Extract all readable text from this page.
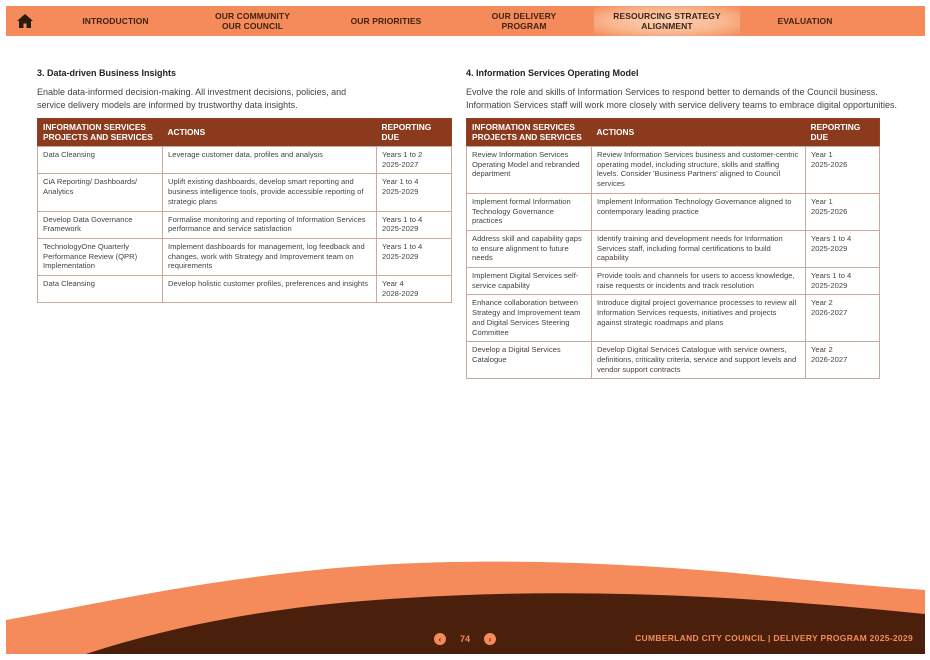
INTRODUCTION	OUR COMMUNITY
OUR COUNCIL	OUR PRIORITIES	OUR DELIVERY
PROGRAM
RESOURCING STRATEGY
ALIGNMENT	EVALUATION
3. Data-driven Business Insights
Enable data-informed decision-making. All investment decisions, policies, and service delivery models are informed by trustworthy data insights.
INFORMATION SERVICES PROJECTS AND SERVICES	ACTIONS	REPORTING DUE
Data Cleansing	Leverage customer data, profiles and analysis	Years 1 to 2
2025-2027
CiA Reporting/ Dashboards/ Analytics	Uplift existing dashboards, develop smart reporting and business intelligence tools, provide accessible reporting of strategic plans	Year 1 to 4
2025-2029
Develop Data Governance Framework	Formalise monitoring and reporting of Information Services performance and service satisfaction	Years 1 to 4
2025-2029
TechnologyOne Quarterly Performance Review (QPR) Implementation	Implement dashboards for management, log feedback and changes, work with Strategy and Improvement team on requirements	Years 1 to 4
2025-2029
Data Cleansing	Develop holistic customer profiles, preferences and insights	Year 4
2028-2029
4. Information Services Operating Model
Evolve the role and skills of Information Services to respond better to demands of the Council business. Information Services staff will work more closely with service delivery teams to embrace digital opportunities.
INFORMATION SERVICES PROJECTS AND SERVICES	ACTIONS	REPORTING DUE
Review Information Services Operating Model and rebranded department	Review Information Services business and customer-centric operating model, including structure, skills and staffing levels. Consider 'Business Partners' aligned to Council services	Year 1
2025-2026
Implement formal Information Technology Governance practices	Implement Information Technology Governance aligned to contemporary leading practice	Year 1
2025-2026
Address skill and capability gaps to ensure alignment to future needs	Identify training and development needs for Information Services staff, including formal certifications to build capability	Years 1 to 4
2025-2029
Implement Digital Services self-service capability	Provide tools and channels for users to access knowledge, raise requests or incidents and track resolution	Years 1 to 4
2025-2029
Enhance collaboration between Strategy and Improvement team and Digital Services Steering Committee	Introduce digital project governance processes to review all Information Services requests, initiatives and projects against strategic roadmaps and plans	Year 2
2026-2027
Develop a Digital Services Catalogue	Develop Digital Services Catalogue with service owners, definitions, criticality criteria, service and support levels and vendor support contracts	Year 2
2026-2027
‹	74	›	CUMBERLAND CITY COUNCIL | DELIVERY PROGRAM 2025-2029
